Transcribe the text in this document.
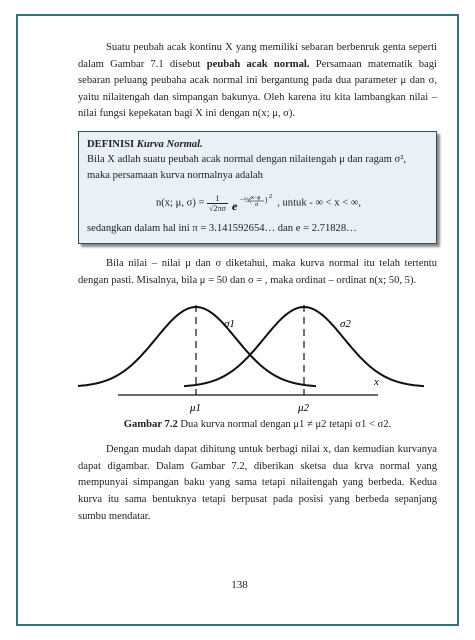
Suatu peubah acak kontinu X yang memiliki sebaran berbenruk genta seperti dalam Gambar 7.1 disebut peubah acak normal. Persamaan matematik bagi sebaran peluang peubaha acak normal ini bergantung pada dua parameter μ dan σ, yaitu nilaitengah dan simpangan bakunya. Oleh karena itu kita lambangkan nilai –nilai fungsi kepekatan bagi X ini dengan n(x; μ, σ).

DEFINISI Kurva Normal.
Bila X adlah suatu peubah acak normal dengan nilaitengah μ dan ragam σ², maka persamaan kurva normalnya adalah
n(x; μ, $\sigma) = \frac{1}{√2\pi\sigma}$
e −½( x−μ
σ
) 2
, untuk - ∞ < x < ∞,
sedangkan dalam hal ini π = 3.141592654… dan e = 2.71828…

Bila nilai – nilai μ dan σ diketahui, maka kurva normal itu telah tertentu dengan pasti. Misalnya, bila μ = 50 dan σ = , maka ordinat – ordinat n(x; 50, 5).

σ1	σ2
μ1	μ2
x

Gambar 7.2 Dua kurva normal dengan μ1 ≠ μ2 tetapi σ1 < σ2.

Dengan mudah dapat dihitung untuk berbagi nilai x, dan kemudian kurvanya dapat digambar. Dalam Gambar 7.2, diberikan sketsa dua krva normal yang mempunyai simpangan baku yang sama tetapi nilaitengah yang berbeda. Kedua kurva itu sama bentuknya tetapi berpusat pada posisi yang berbeda sepanjang sumbu mendatar.

138
